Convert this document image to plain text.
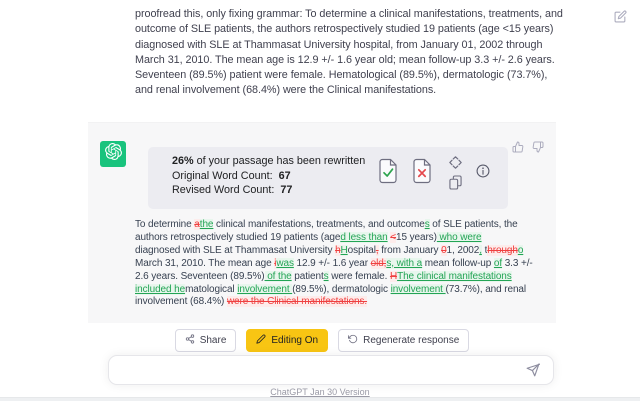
proofread this, only fixing grammar: To determine a clinical manifestations, treatments, and
outcome of SLE patients, the authors retrospectively studied 19 patients (age <15 years)
diagnosed with SLE at Thammasat University hospital, from January 01, 2002 through
March 31, 2010. The mean age is 12.9 +/- 1.6 year old; mean follow-up 3.3 +/- 2.6 years.
Seventeen (89.5%) patient were female. Hematological (89.5%), dermatologic (73.7%),
and renal involvement (68.4%) were the Clinical manifestations.

26% of your passage has been rewritten
Original Word Count: 67
Revised Word Count: 77
To determine athe clinical manifestations, treatments, and outcomes of SLE patients, the
authors retrospectively studied 19 patients (aged less than <15 years) who were
diagnosed with SLE at Thammasat University hHospital, from January 01, 2002, througho
March 31, 2010. The mean age was 12.9 +/- 1.6 year old;s, with a mean follow-up of 3.3 +/-
2.6 years. Seventeen (89.5%) of the patients were female. HThe clinical manifestations
included hematological involvement (89.5%), dermatologic involvement (73.7%), and renal
involvement (68.4%) were the Clinical manifestations.
Share	Editing On	Regenerate response
ChatGPT Jan 30 Version
